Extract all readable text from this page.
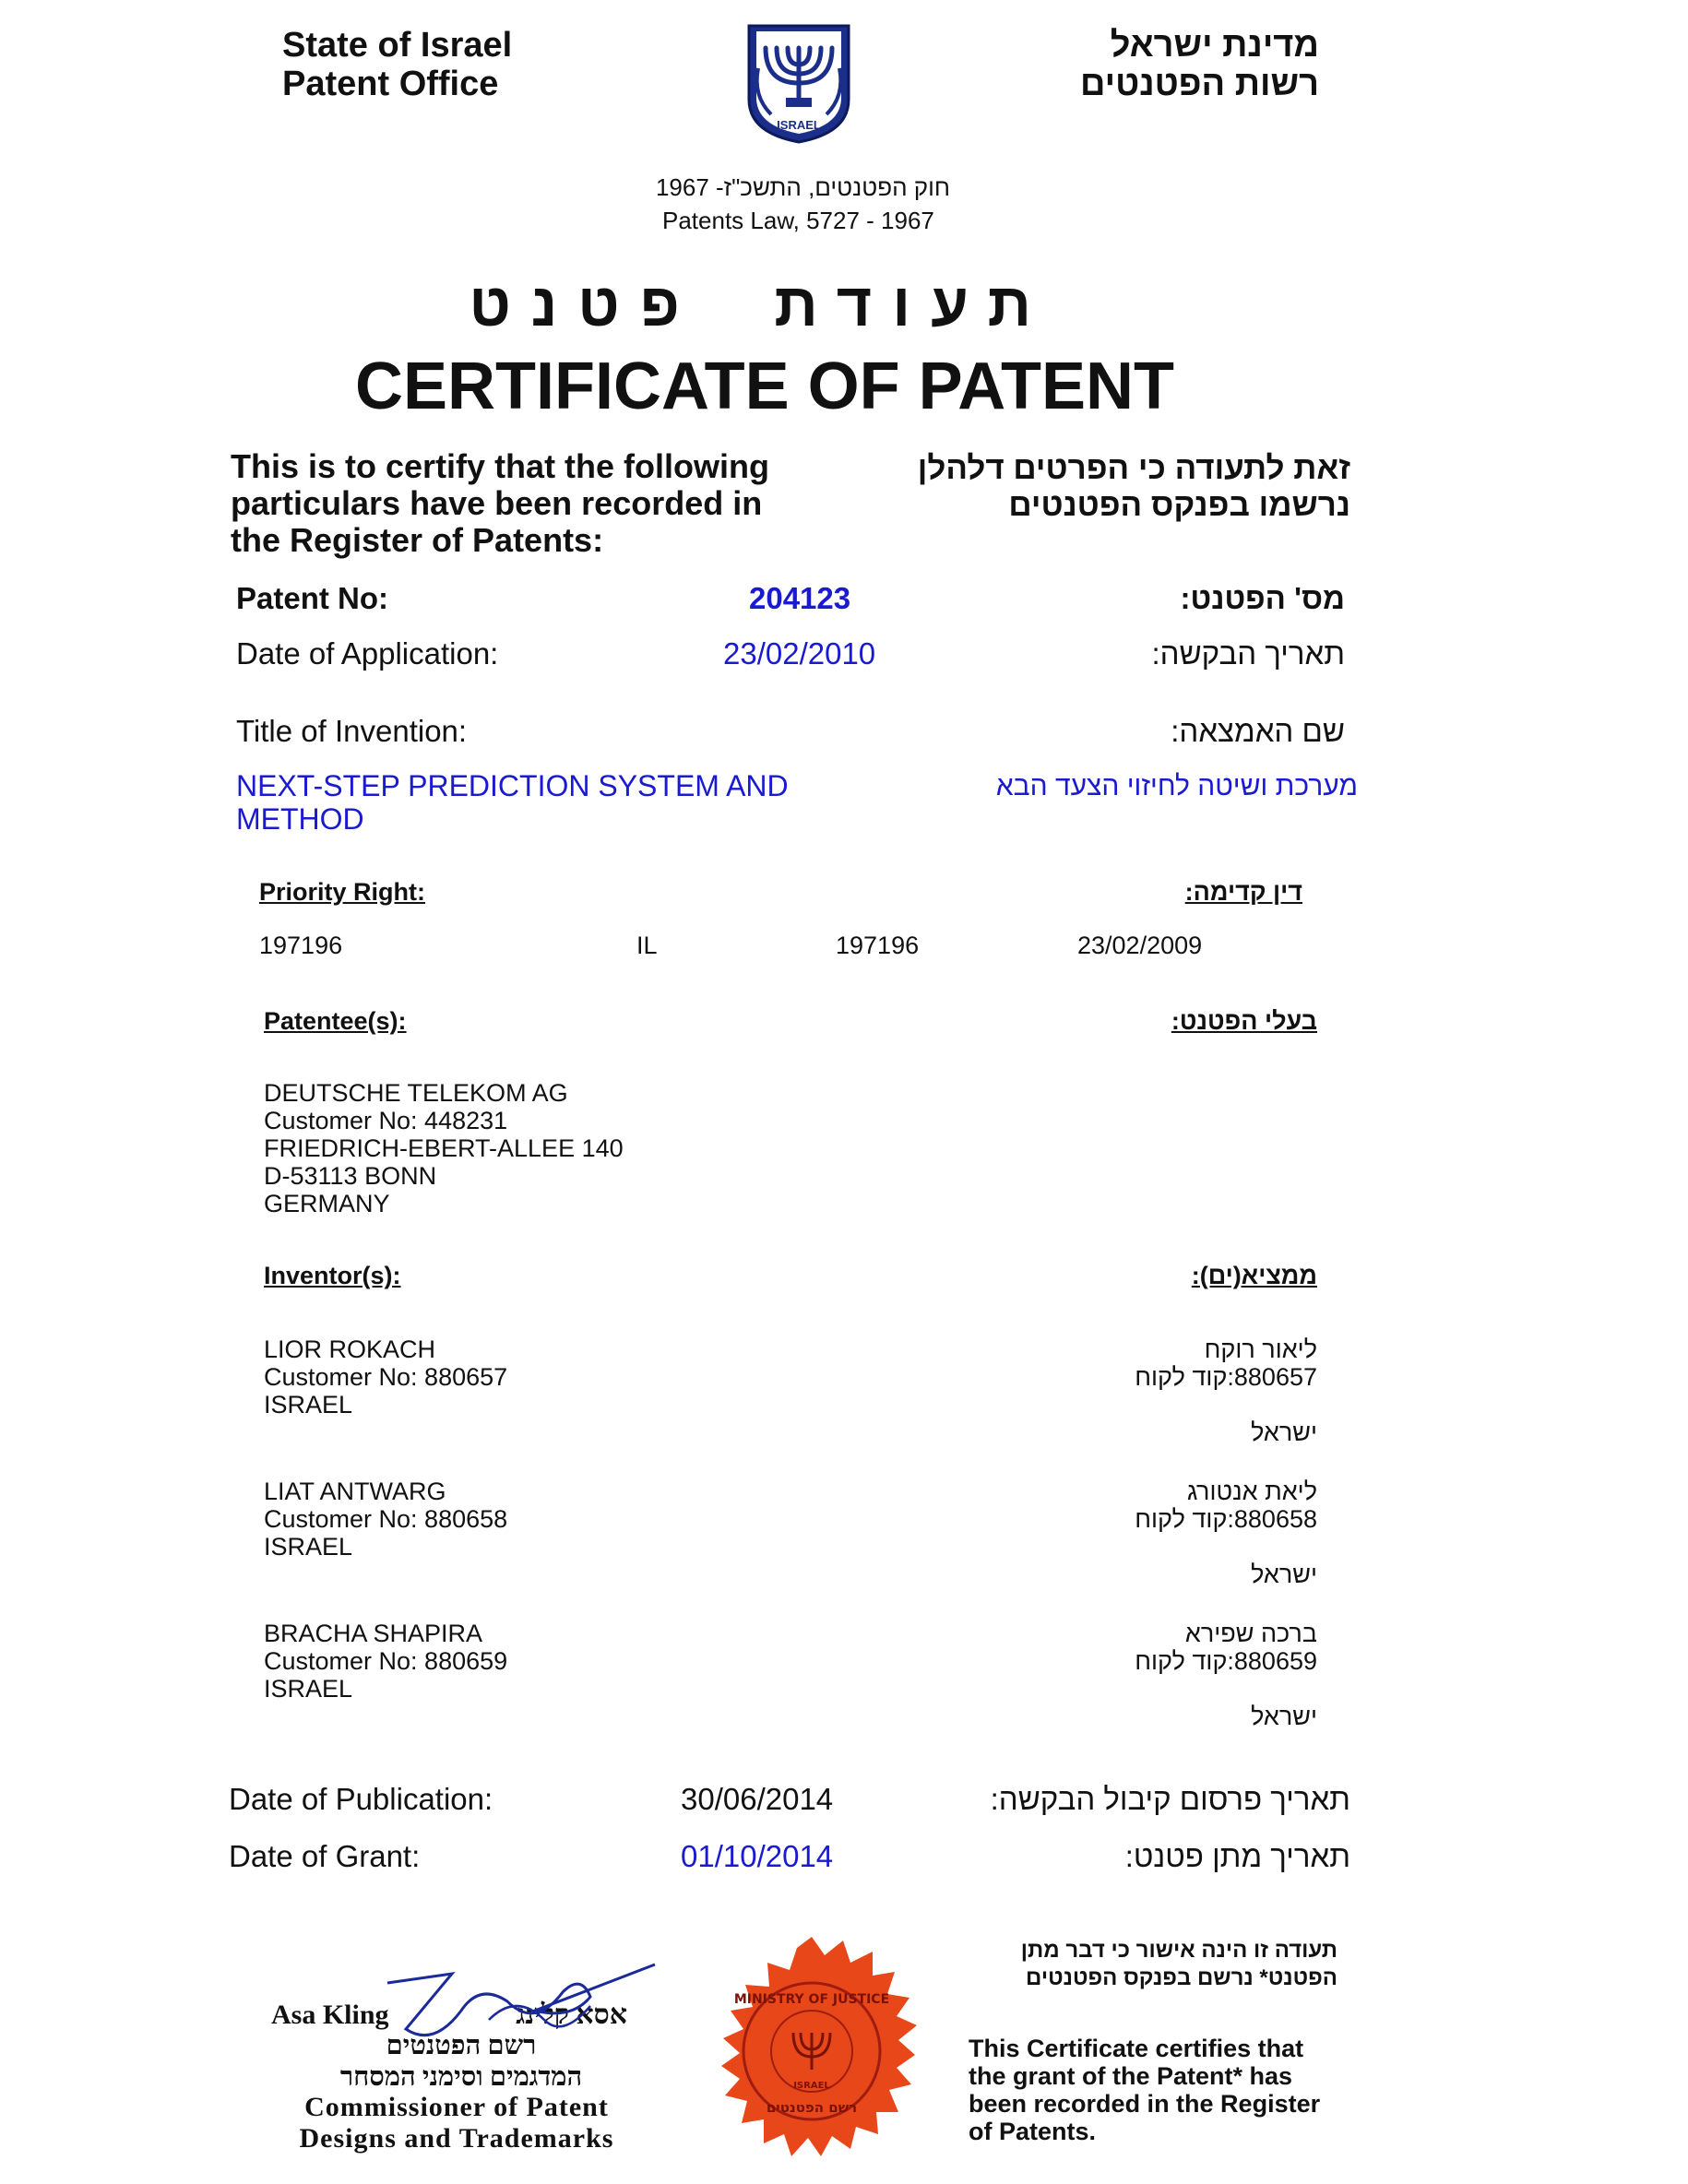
State of Israel
Patent Office
ISRAEL
מדינת ישראל
רשות הפטנטים
חוק הפטנטים, התשכ"ז- 1967
Patents Law, 5727 - 1967
תעודת  פטנט
CERTIFICATE OF PATENT
This is to certify that the following
particulars have been recorded in
the Register of Patents:
זאת לתעודה כי הפרטים דלהלן
נרשמו בפנקס הפטנטים
Patent No:	204123	מס' הפטנט:
Date of Application:	23/02/2010	תאריך הבקשה:
Title of Invention:	שם האמצאה:
NEXT-STEP PREDICTION SYSTEM AND
METHOD
מערכת ושיטה לחיזוי הצעד הבא
Priority Right:	דין קדימה:
197196	IL	197196	23/02/2009
Patentee(s):	בעלי הפטנט:
DEUTSCHE TELEKOM AG
Customer No: 448231
FRIEDRICH-EBERT-ALLEE 140
D-53113 BONN
GERMANY
Inventor(s):	ממציא(ים):
LIOR ROKACH
Customer No: 880657
ISRAEL
ליאור רוקח
880657:קוד לקוח
ישראל
LIAT ANTWARG
Customer No: 880658
ISRAEL
ליאת אנטורג
880658:קוד לקוח
ישראל
BRACHA SHAPIRA
Customer No: 880659
ISRAEL
ברכה שפירא
880659:קוד לקוח
ישראל
Date of Publication:	30/06/2014	תאריך פרסום קיבול הבקשה:
Date of Grant:	01/10/2014	תאריך מתן פטנט:
Asa Kling	אסא קלינג
רשם הפטנטים
המדגמים וסימני המסחר
Commissioner of Patent
Designs and Trademarks
MINISTRY OF JUSTICE
רשם הפטנטים
ISRAEL
תעודה זו הינה אישור כי דבר מתן
הפטנט* נרשם בפנקס הפטנטים
This Certificate certifies that
the grant of the Patent* has
been recorded in the Register
of Patents.
